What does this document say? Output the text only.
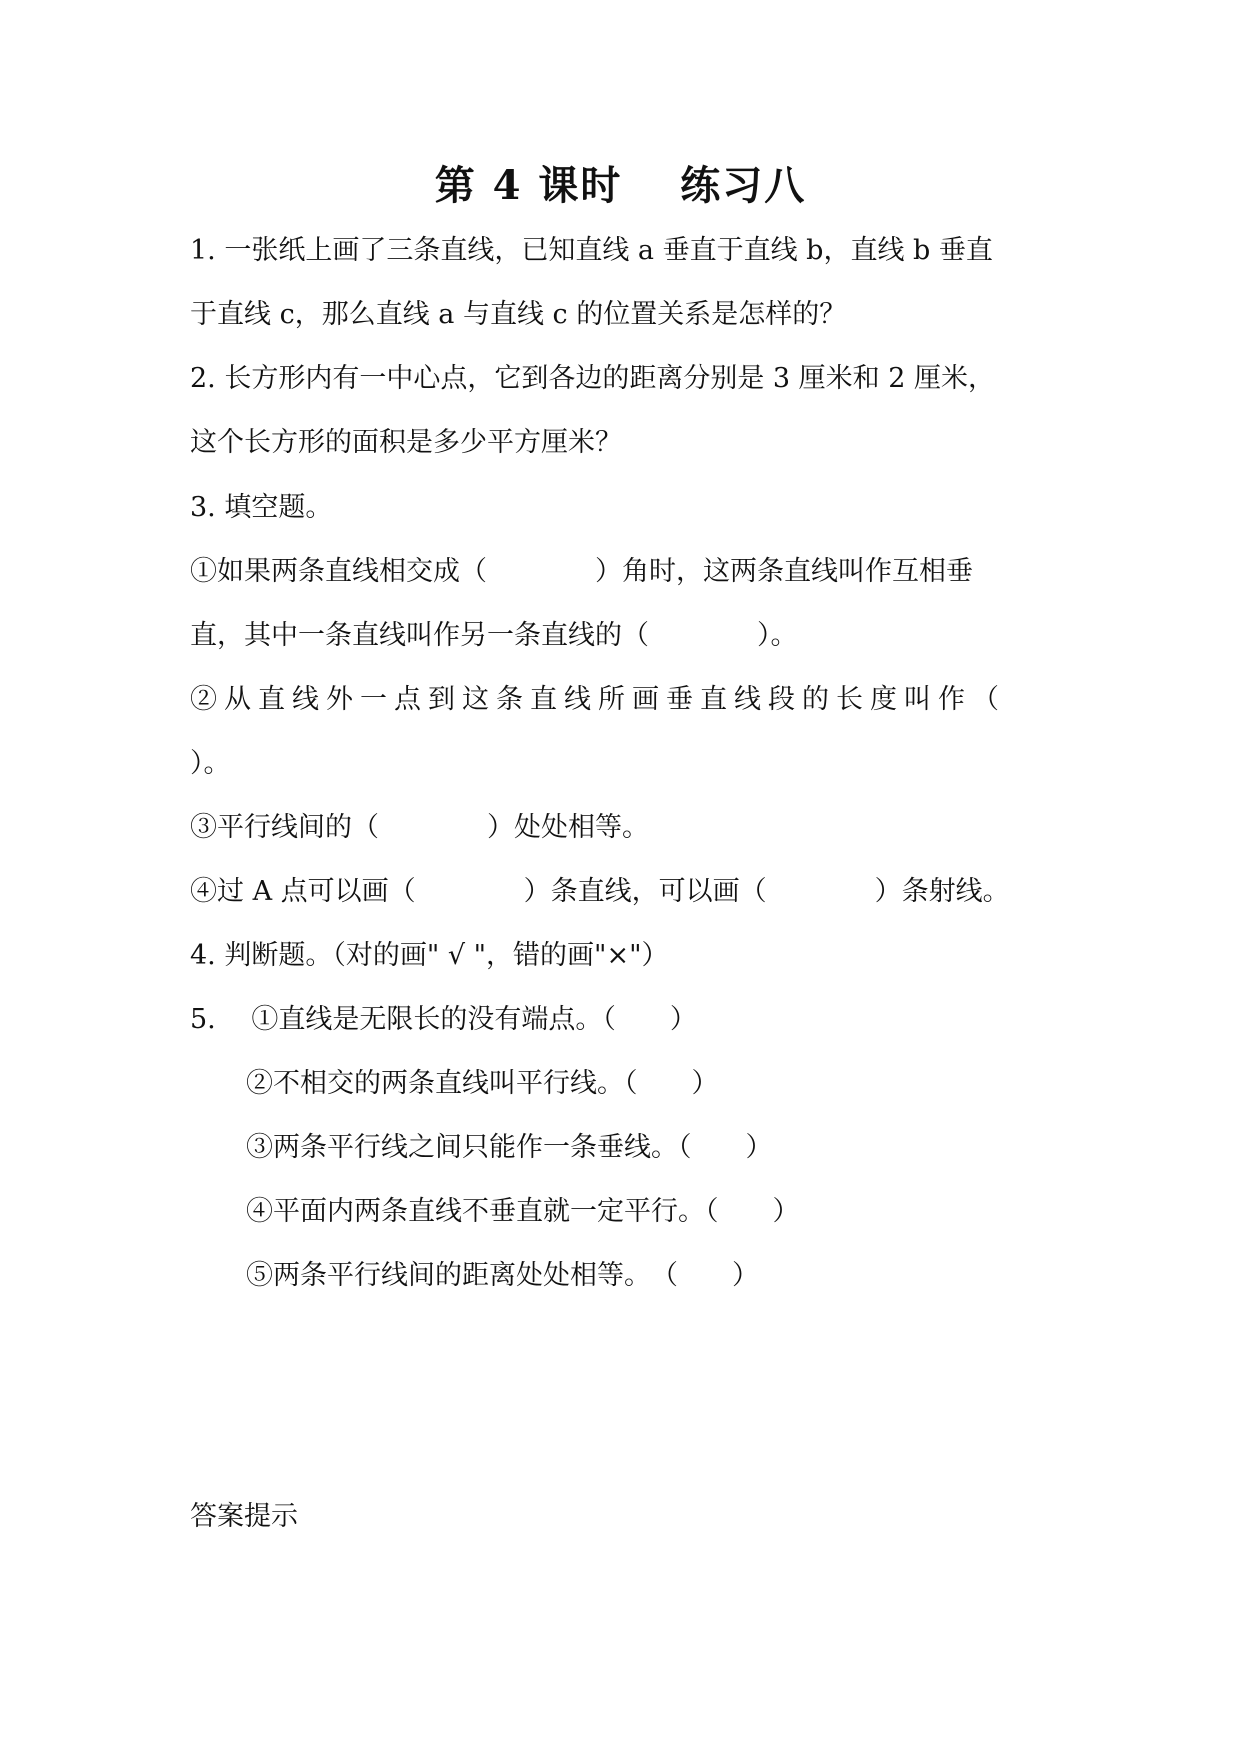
第 4 课时　 练习八
1. 一张纸上画了三条直线，已知直线 a 垂直于直线 b，直线 b 垂直
于直线 c，那么直线 a 与直线 c 的位置关系是怎样的？
2. 长方形内有一中心点，它到各边的距离分别是 3 厘米和 2 厘米，
这个长方形的面积是多少平方厘米？
3. 填空题。
①如果两条直线相交成（　　　　）角时，这两条直线叫作互相垂
直，其中一条直线叫作另一条直线的（　　　　）。
②从直线外一点到这条直线所画垂直线段的长度叫作（
）。
③平行线间的（　　　　）处处相等。
④过 A 点可以画（　　　　）条直线，可以画（　　　　）条射线。
4. 判断题。（对的画" √ "，错的画"×"）
5.　 ①直线是无限长的没有端点。（　　）
②不相交的两条直线叫平行线。（　　）
③两条平行线之间只能作一条垂线。（　　）
④平面内两条直线不垂直就一定平行。（　　）
⑤两条平行线间的距离处处相等。　（　　）
答案提示
